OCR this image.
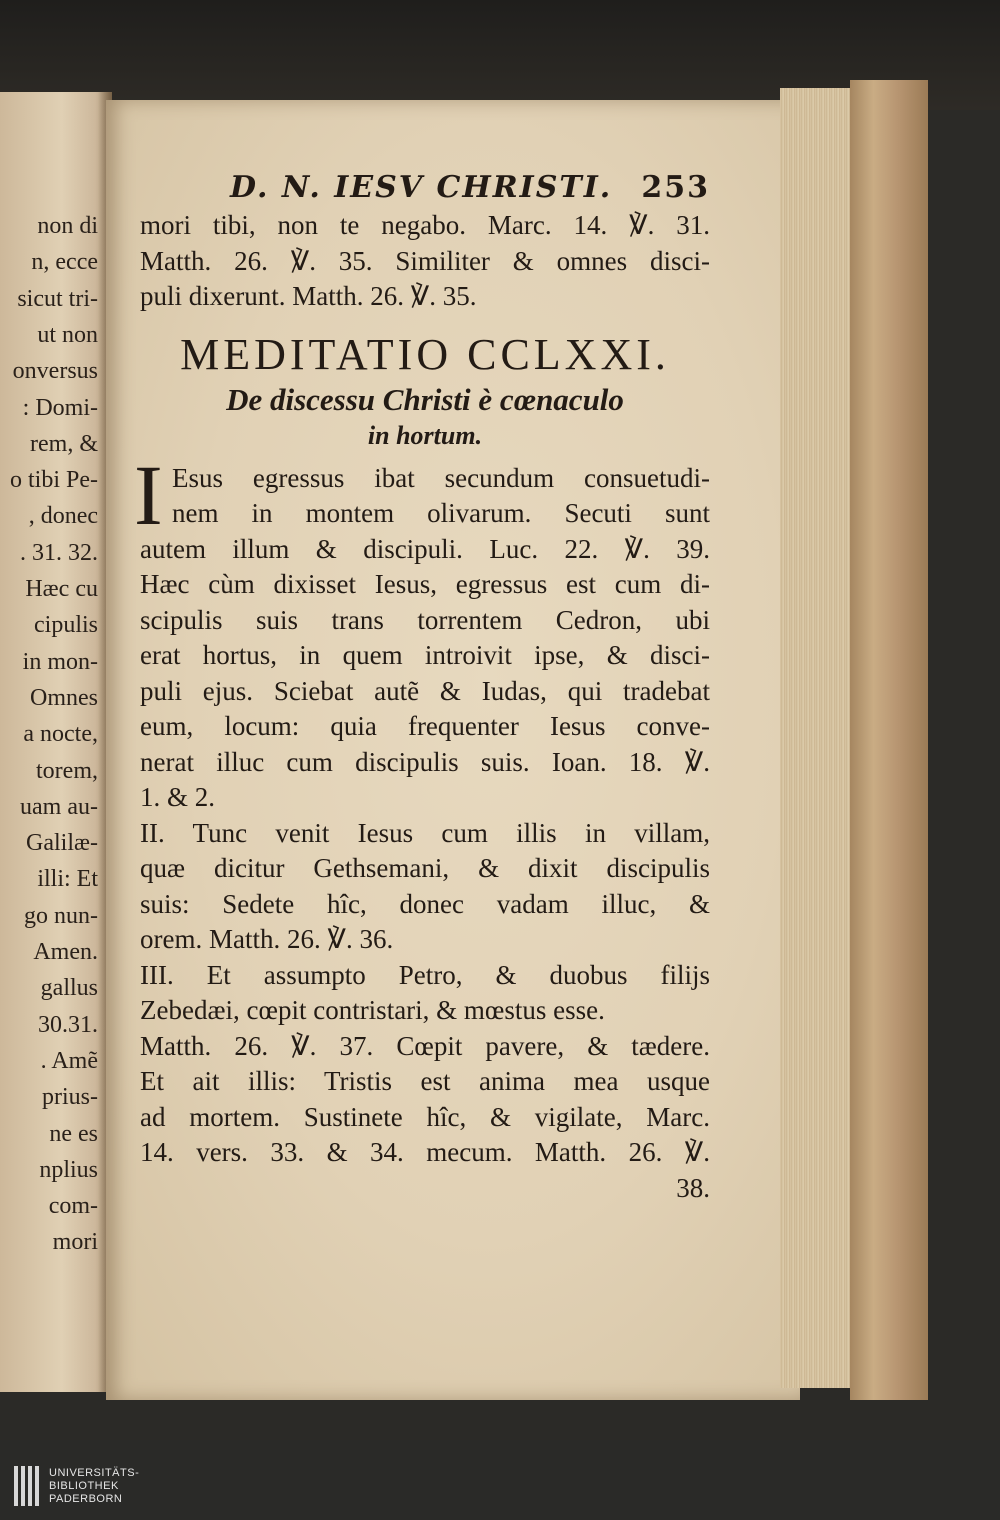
non di
n, ecce
sicut tri-
ut non
onversus
: Domi-
rem, &
o tibi Pe-
, donec
. 31. 32.
Hæc cu
cipulis
in mon-
Omnes
a nocte,
torem,
uam au-
Galilæ-
illi: Et
go nun-
Amen.
gallus
30.31.
. Amẽ
prius-
ne es
nplius
com-
mori
D. N. IESV CHRISTI. 253
mori tibi, non te negabo. Marc. 14. ℣. 31.
Matth. 26. ℣. 35. Similiter & omnes disci-
puli dixerunt. Matth. 26. ℣. 35.
MEDITATIO CCLXXI.
De discessu Christi è cœnaculo
in hortum.
I Esus egressus ibat secundum consuetudi-
nem in montem olivarum. Secuti sunt
autem illum & discipuli. Luc. 22. ℣. 39.
Hæc cùm dixisset Iesus, egressus est cum di-
scipulis suis trans torrentem Cedron, ubi
erat hortus, in quem introivit ipse, & disci-
puli ejus. Sciebat autẽ & Iudas, qui tradebat
eum, locum: quia frequenter Iesus conve-
nerat illuc cum discipulis suis. Ioan. 18. ℣.
1. & 2.
II. Tunc venit Iesus cum illis in villam,
quæ dicitur Gethsemani, & dixit discipulis
suis: Sedete hîc, donec vadam illuc, &
orem. Matth. 26. ℣. 36.
III. Et assumpto Petro, & duobus filijs
Zebedæi, cœpit contristari, & mœstus esse.
Matth. 26. ℣. 37. Cœpit pavere, & tædere.
Et ait illis: Tristis est anima mea usque
ad mortem. Sustinete hîc, & vigilate, Marc.
14. vers. 33. & 34. mecum. Matth. 26. ℣.
38.
UNIVERSITÄTS-
BIBLIOTHEK
PADERBORN
